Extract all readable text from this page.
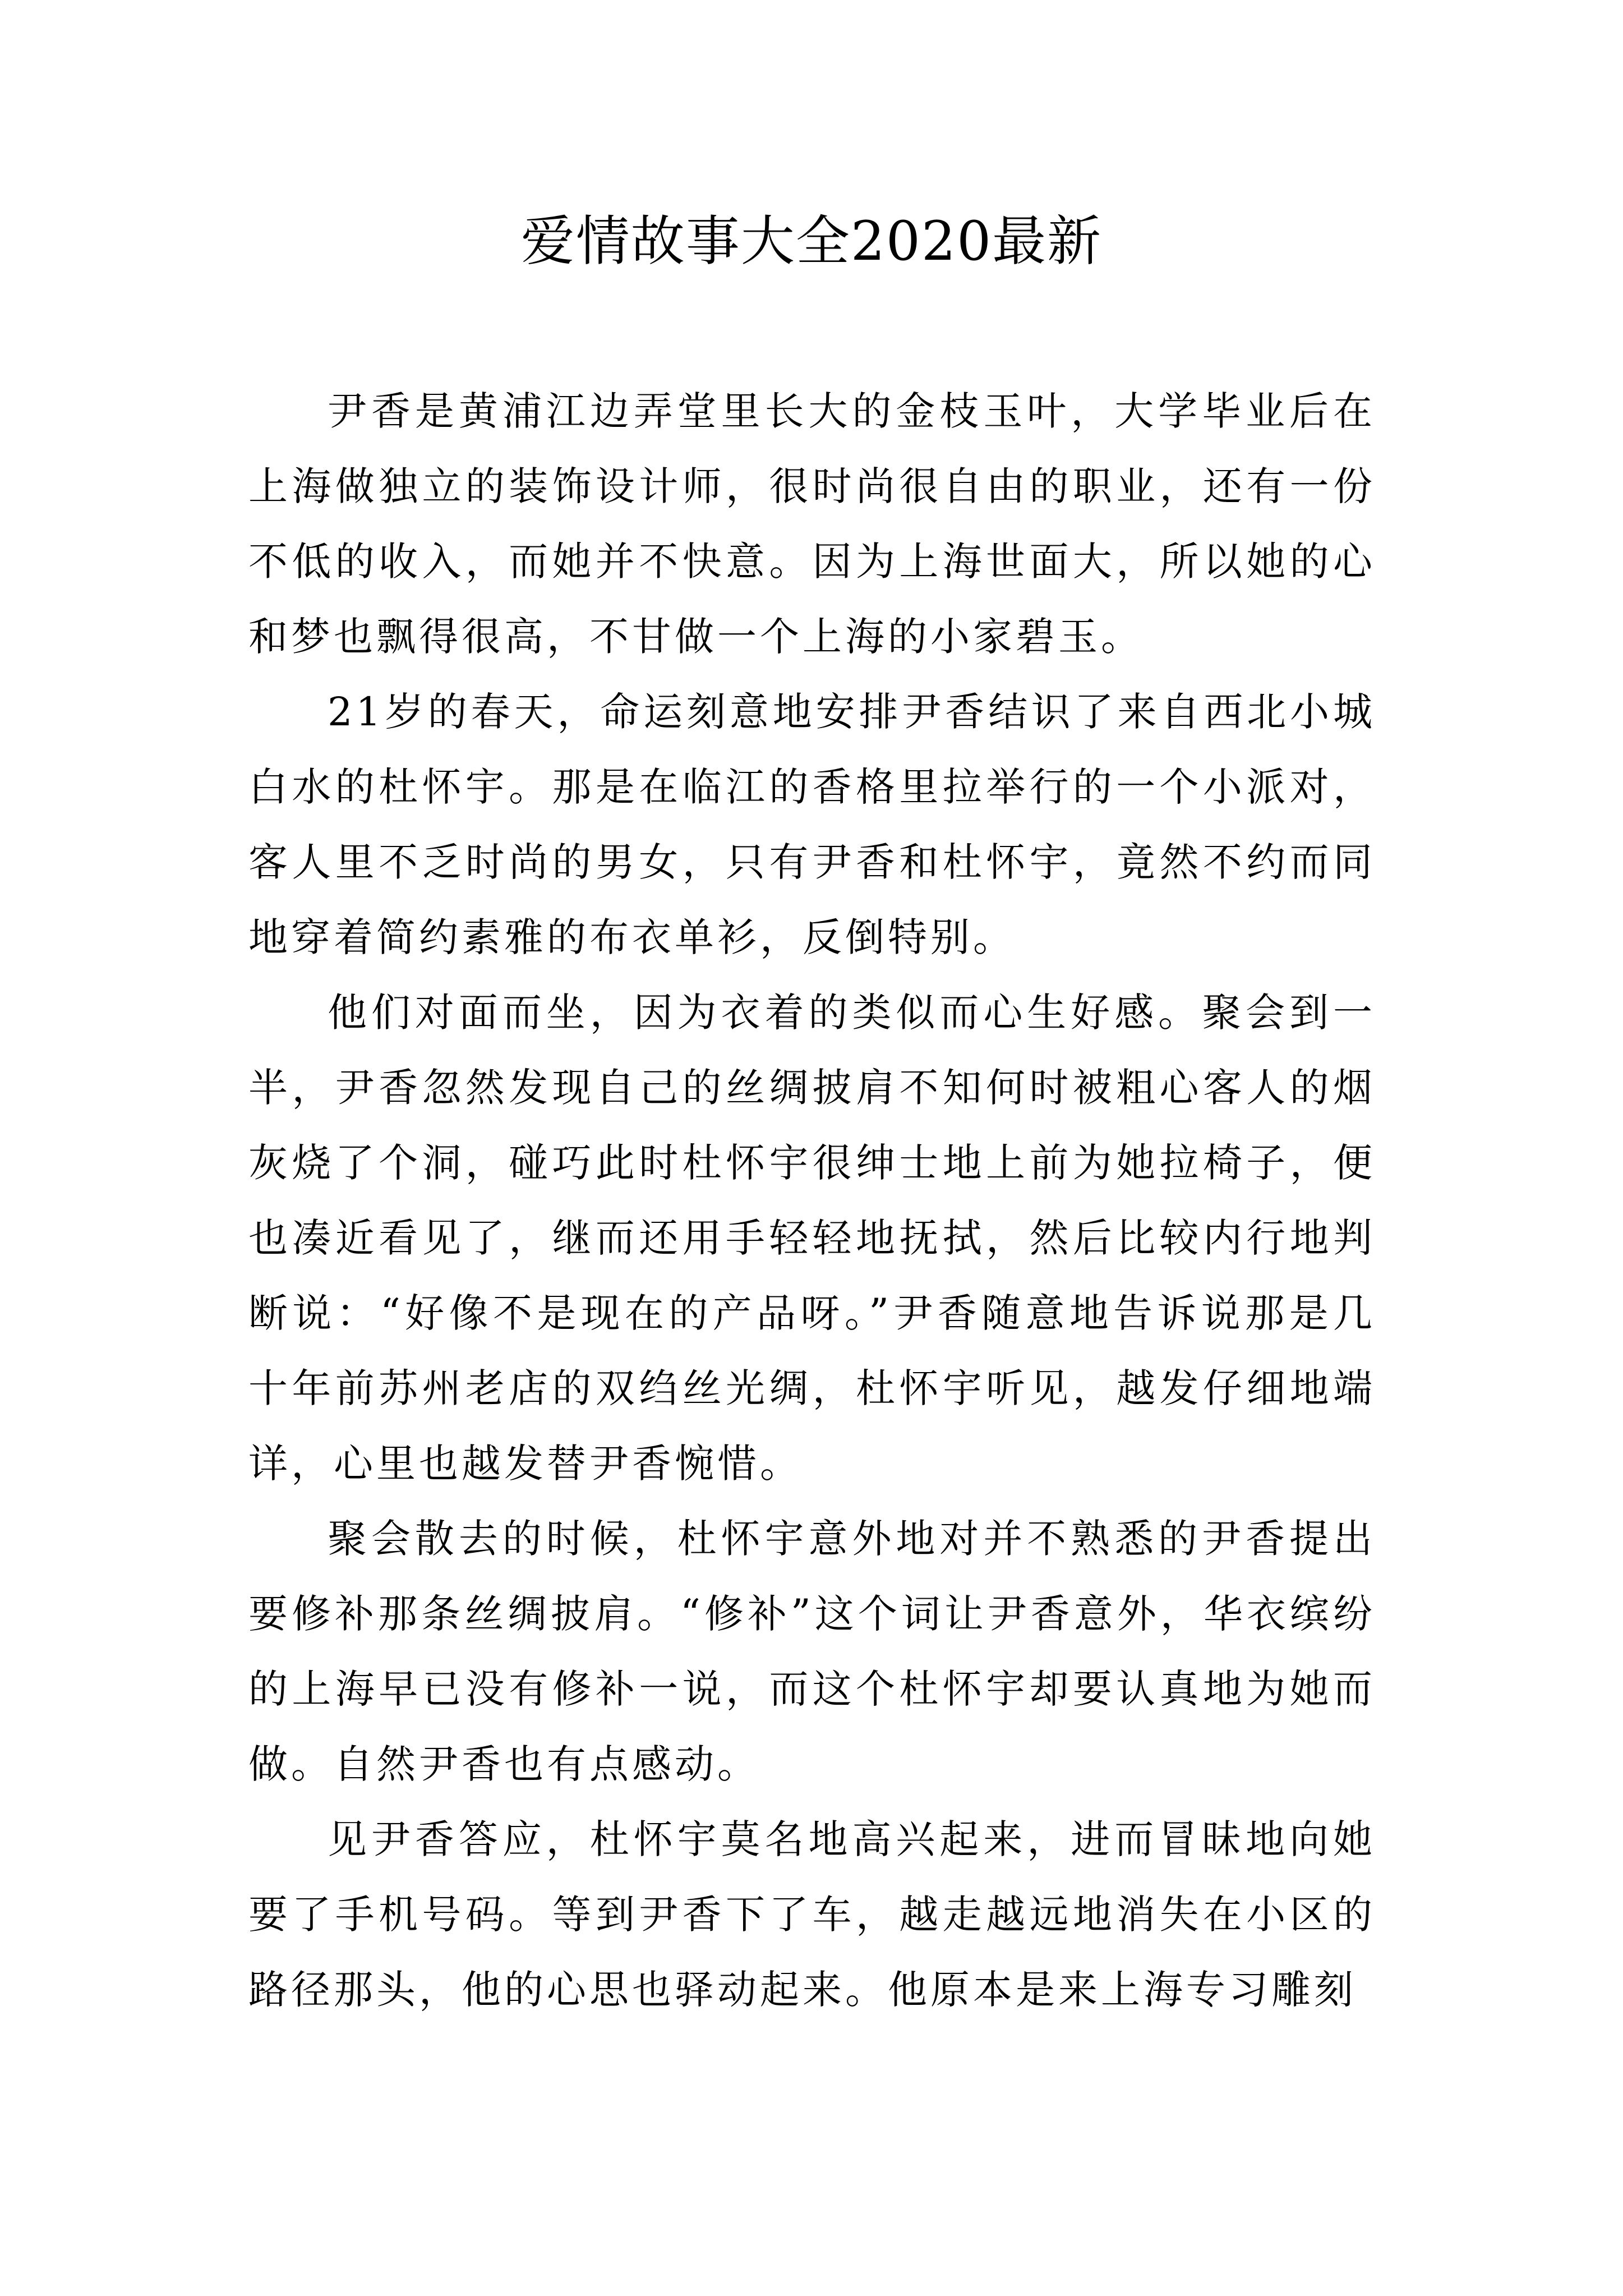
爱情故事大全2020最新

尹香是黄浦江边弄堂里长大的金枝玉叶，大学毕业后在上海做独立的装饰设计师，很时尚很自由的职业，还有一份不低的收入，而她并不快意。因为上海世面大，所以她的心和梦也飘得很高，不甘做一个上海的小家碧玉。

21岁的春天，命运刻意地安排尹香结识了来自西北小城白水的杜怀宇。那是在临江的香格里拉举行的一个小派对，客人里不乏时尚的男女，只有尹香和杜怀宇，竟然不约而同地穿着简约素雅的布衣单衫，反倒特别。

他们对面而坐，因为衣着的类似而心生好感。聚会到一半，尹香忽然发现自己的丝绸披肩不知何时被粗心客人的烟灰烧了个洞，碰巧此时杜怀宇很绅士地上前为她拉椅子，便也凑近看见了，继而还用手轻轻地抚拭，然后比较内行地判断说：“好像不是现在的产品呀。”尹香随意地告诉说那是几十年前苏州老店的双绉丝光绸，杜怀宇听见，越发仔细地端详，心里也越发替尹香惋惜。

聚会散去的时候，杜怀宇意外地对并不熟悉的尹香提出要修补那条丝绸披肩。“修补”这个词让尹香意外，华衣缤纷的上海早已没有修补一说，而这个杜怀宇却要认真地为她而做。自然尹香也有点感动。

见尹香答应，杜怀宇莫名地高兴起来，进而冒昧地向她要了手机号码。等到尹香下了车，越走越远地消失在小区的路径那头，他的心思也驿动起来。他原本是来上海专习雕刻
